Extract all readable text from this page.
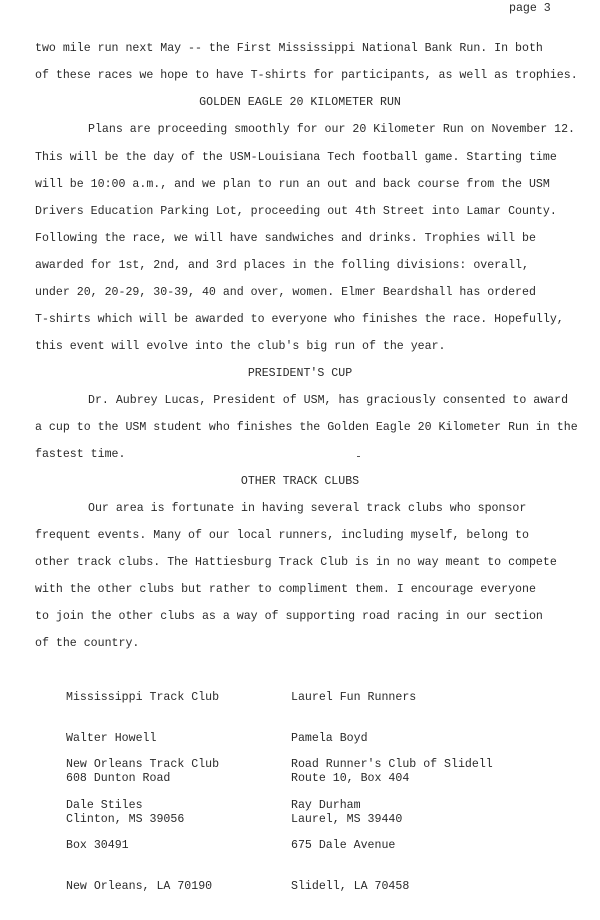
page 3
two mile run next May -- the First Mississippi National Bank Run. In both
of these races we hope to have T-shirts for participants, as well as trophies.
GOLDEN EAGLE 20 KILOMETER RUN
Plans are proceeding smoothly for our 20 Kilometer Run on November 12.
This will be the day of the USM-Louisiana Tech football game. Starting time
will be 10:00 a.m., and we plan to run an out and back course from the USM
Drivers Education Parking Lot, proceeding out 4th Street into Lamar County.
Following the race, we will have sandwiches and drinks. Trophies will be
awarded for 1st, 2nd, and 3rd places in the folling divisions: overall,
under 20, 20-29, 30-39, 40 and over, women. Elmer Beardshall has ordered
T-shirts which will be awarded to everyone who finishes the race. Hopefully,
this event will evolve into the club's big run of the year.
PRESIDENT'S CUP
Dr. Aubrey Lucas, President of USM, has graciously consented to award
a cup to the USM student who finishes the Golden Eagle 20 Kilometer Run in the
fastest time.
OTHER TRACK CLUBS
Our area is fortunate in having several track clubs who sponsor
frequent events. Many of our local runners, including myself, belong to
other track clubs. The Hattiesburg Track Club is in no way meant to compete
with the other clubs but rather to compliment them. I encourage everyone
to join the other clubs as a way of supporting road racing in our section
of the country.

Mississippi Track Club

Walter Howell

608 Dunton Road

Clinton, MS 39056

Laurel Fun Runners

Pamela Boyd

Route 10, Box 404

Laurel, MS 39440

New Orleans Track Club

Dale Stiles

Box 30491

New Orleans, LA 70190

Road Runner's Club of Slidell

Ray Durham

675 Dale Avenue

Slidell, LA 70458
